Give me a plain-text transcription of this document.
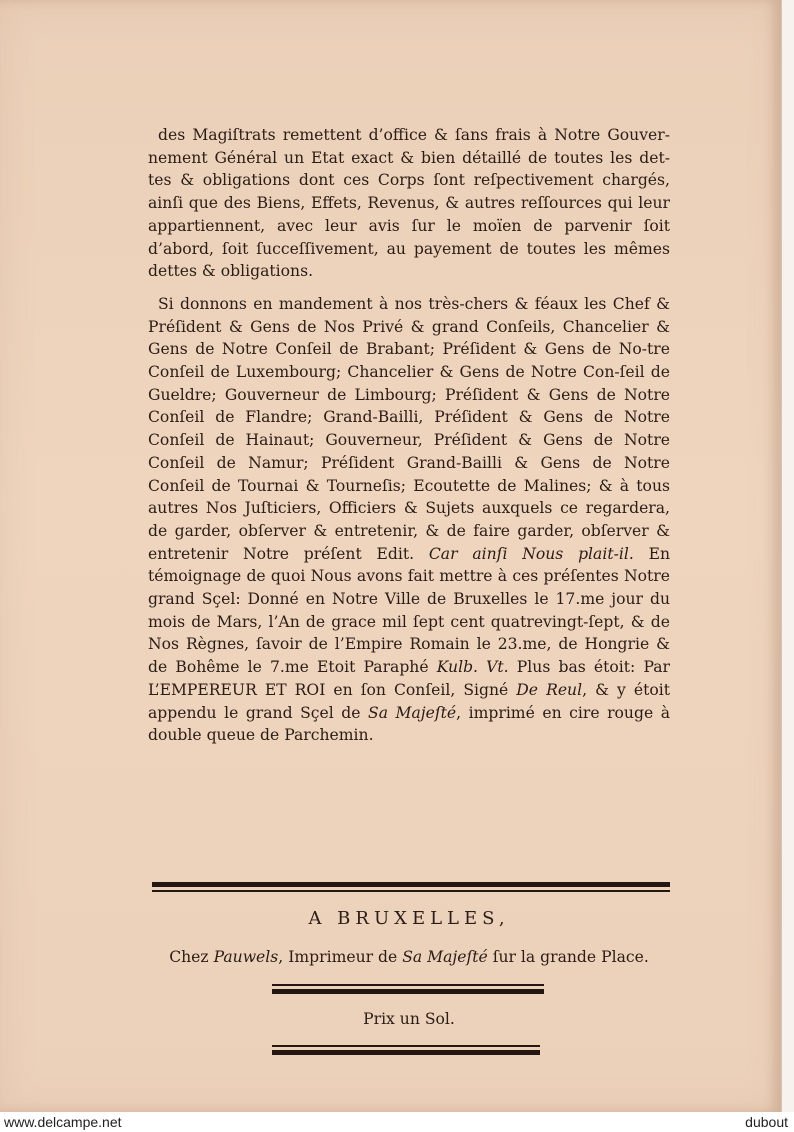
des Magiſtrats remettent d’office & ſans frais à Notre Gouver-nement Général un Etat exact & bien détaillé de toutes les det-tes & obligations dont ces Corps ſont reſpectivement chargés, ainſi que des Biens, Effets, Revenus, & autres reſſources qui leur appartiennent, avec leur avis ſur le moïen de parvenir ſoit d’abord, ſoit ſucceſſivement, au payement de toutes les mêmes dettes & obligations.

Si donnons en mandement à nos très-chers & féaux les Chef & Préſident & Gens de Nos Privé & grand Conſeils, Chancelier & Gens de Notre Conſeil de Brabant; Préſident & Gens de No-tre Conſeil de Luxembourg; Chancelier & Gens de Notre Con-ſeil de Gueldre; Gouverneur de Limbourg; Préſident & Gens de Notre Conſeil de Flandre; Grand-Bailli, Préſident & Gens de Notre Conſeil de Hainaut; Gouverneur, Préſident & Gens de Notre Conſeil de Namur; Préſident Grand-Bailli & Gens de Notre Conſeil de Tournai & Tourneſis; Ecoutette de Malines; & à tous autres Nos Juſticiers, Officiers & Sujets auxquels ce regardera, de garder, obſerver & entretenir, & de faire garder, obſerver & entretenir Notre préſent Edit. Car ainſi Nous plait-il. En témoignage de quoi Nous avons fait mettre à ces préſentes Notre grand Sçel: Donné en Notre Ville de Bruxelles le 17.me jour du mois de Mars, l’An de grace mil ſept cent quatrevingt-ſept, & de Nos Règnes, ſavoir de l’Empire Romain le 23.me, de Hongrie & de Bohême le 7.me Etoit Paraphé Kulb. Vt. Plus bas étoit: Par L’EMPEREUR ET ROI en ſon Conſeil, Signé De Reul, & y étoit appendu le grand Sçel de Sa Majeſté, imprimé en cire rouge à double queue de Parchemin.

A BRUXELLES,
Chez Pauwels, Imprimeur de Sa Majeſté ſur la grande Place.
Prix un Sol.
www.delcampe.net	dubout
